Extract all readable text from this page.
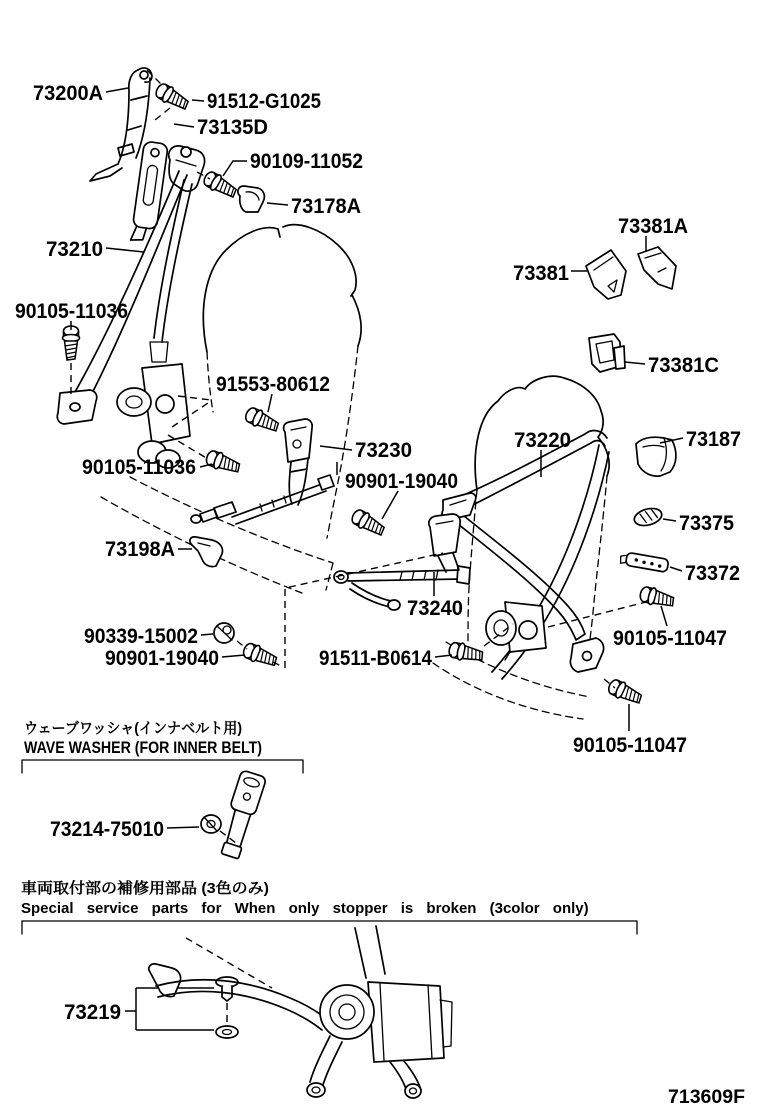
73200A	91512-G1025
73135D
90109-11052
73178A
73210
90105-11036
91553-80612
73230
90105-11036
90901-19040
73198A
73220
73381A
73381
73381C
73187
73375
73372
90105-11047
73240
90339-15002
90901-19040	91511-B0614
90105-11047
73214-75010
73219
ウェーブワッシャ(インナベルト用)
WAVE WASHER (FOR INNER BELT)
車両取付部の補修用部品 (3色のみ)
Special service parts for When only stopper is broken (3color only)
713609F
